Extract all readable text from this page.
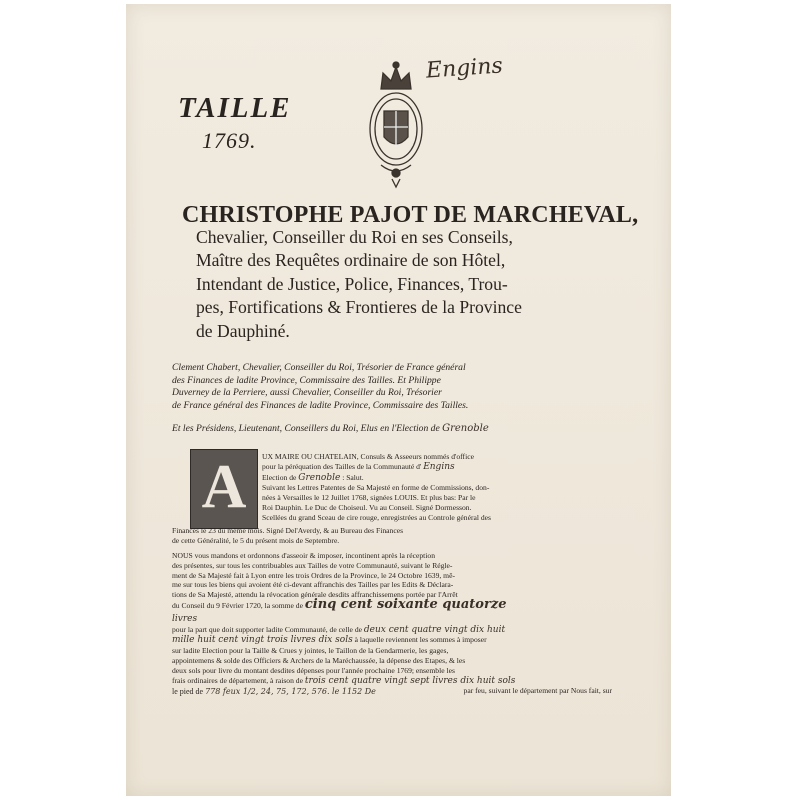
Engins
TAILLE
1769.
CHRISTOPHE PAJOT DE MARCHEVAL,
Chevalier, Conseiller du Roi en ses Conseils,
Maître des Requêtes ordinaire de son Hôtel,
Intendant de Justice, Police, Finances, Trou-
pes, Fortifications & Frontieres de la Province
de Dauphiné.
Clement Chabert, Chevalier, Conseiller du Roi, Trésorier de France général
des Finances de ladite Province, Commissaire des Tailles. Et Philippe
Duverney de la Perriere, aussi Chevalier, Conseiller du Roi, Trésorier
de France général des Finances de ladite Province, Commissaire des Tailles.
Et les Présidens, Lieutenant, Conseillers du Roi, Elus en l'Election de Grenoble
A	UX MAIRE OU CHATELAIN, Consuls & Asseeurs nommés d'office
pour la péréquation des Tailles de la Communauté d' Engins
Election de Grenoble : Salut.
Suivant les Lettres Patentes de Sa Majesté en forme de Commissions, don-
nées à Versailles le 12 Juillet 1768, signées LOUIS. Et plus bas: Par le
Roi Dauphin. Le Duc de Choiseul. Vu au Conseil. Signé Dormesson.
Scellées du grand Sceau de cire rouge, enregistrées au Controle général des
Finances le 23 du même mois. Signé Del'Averdy, & au Bureau des Finances
de cette Généralité, le 5 du présent mois de Septembre.
NOUS vous mandons et ordonnons d'asseoir & imposer, incontinent après la réception
des présentes, sur tous les contribuables aux Tailles de votre Communauté, suivant le Régle-
ment de Sa Majesté fait à Lyon entre les trois Ordres de la Province, le 24 Octobre 1639, mê-
me sur tous les biens qui avoient été ci-devant affranchis des Tailles par les Edits & Déclara-
tions de Sa Majesté, attendu la révocation générale desdits affranchissemens portée par l'Arrêt
du Conseil du 9 Février 1720, la somme de cinq cent soixante quatorze
livres
pour la part que doit supporter ladite Communauté, de celle de deux cent quatre vingt dix huit
mille huit cent vingt trois livres dix sols à laquelle reviennent les sommes à imposer
sur ladite Election pour la Taille & Crues y jointes, le Taillon de la Gendarmerie, les gages,
appointemens & solde des Officiers & Archers de la Maréchaussée, la dépense des Etapes, & les
deux sols pour livre du montant desdites dépenses pour l'année prochaine 1769; ensemble les
frais ordinaires de département, à raison de trois cent quatre vingt sept livres dix huit sols
par feu, suivant le département par Nous fait, sur
le pied de 778 feux 1/2, 24, 75, 172, 576. le 1152 De
